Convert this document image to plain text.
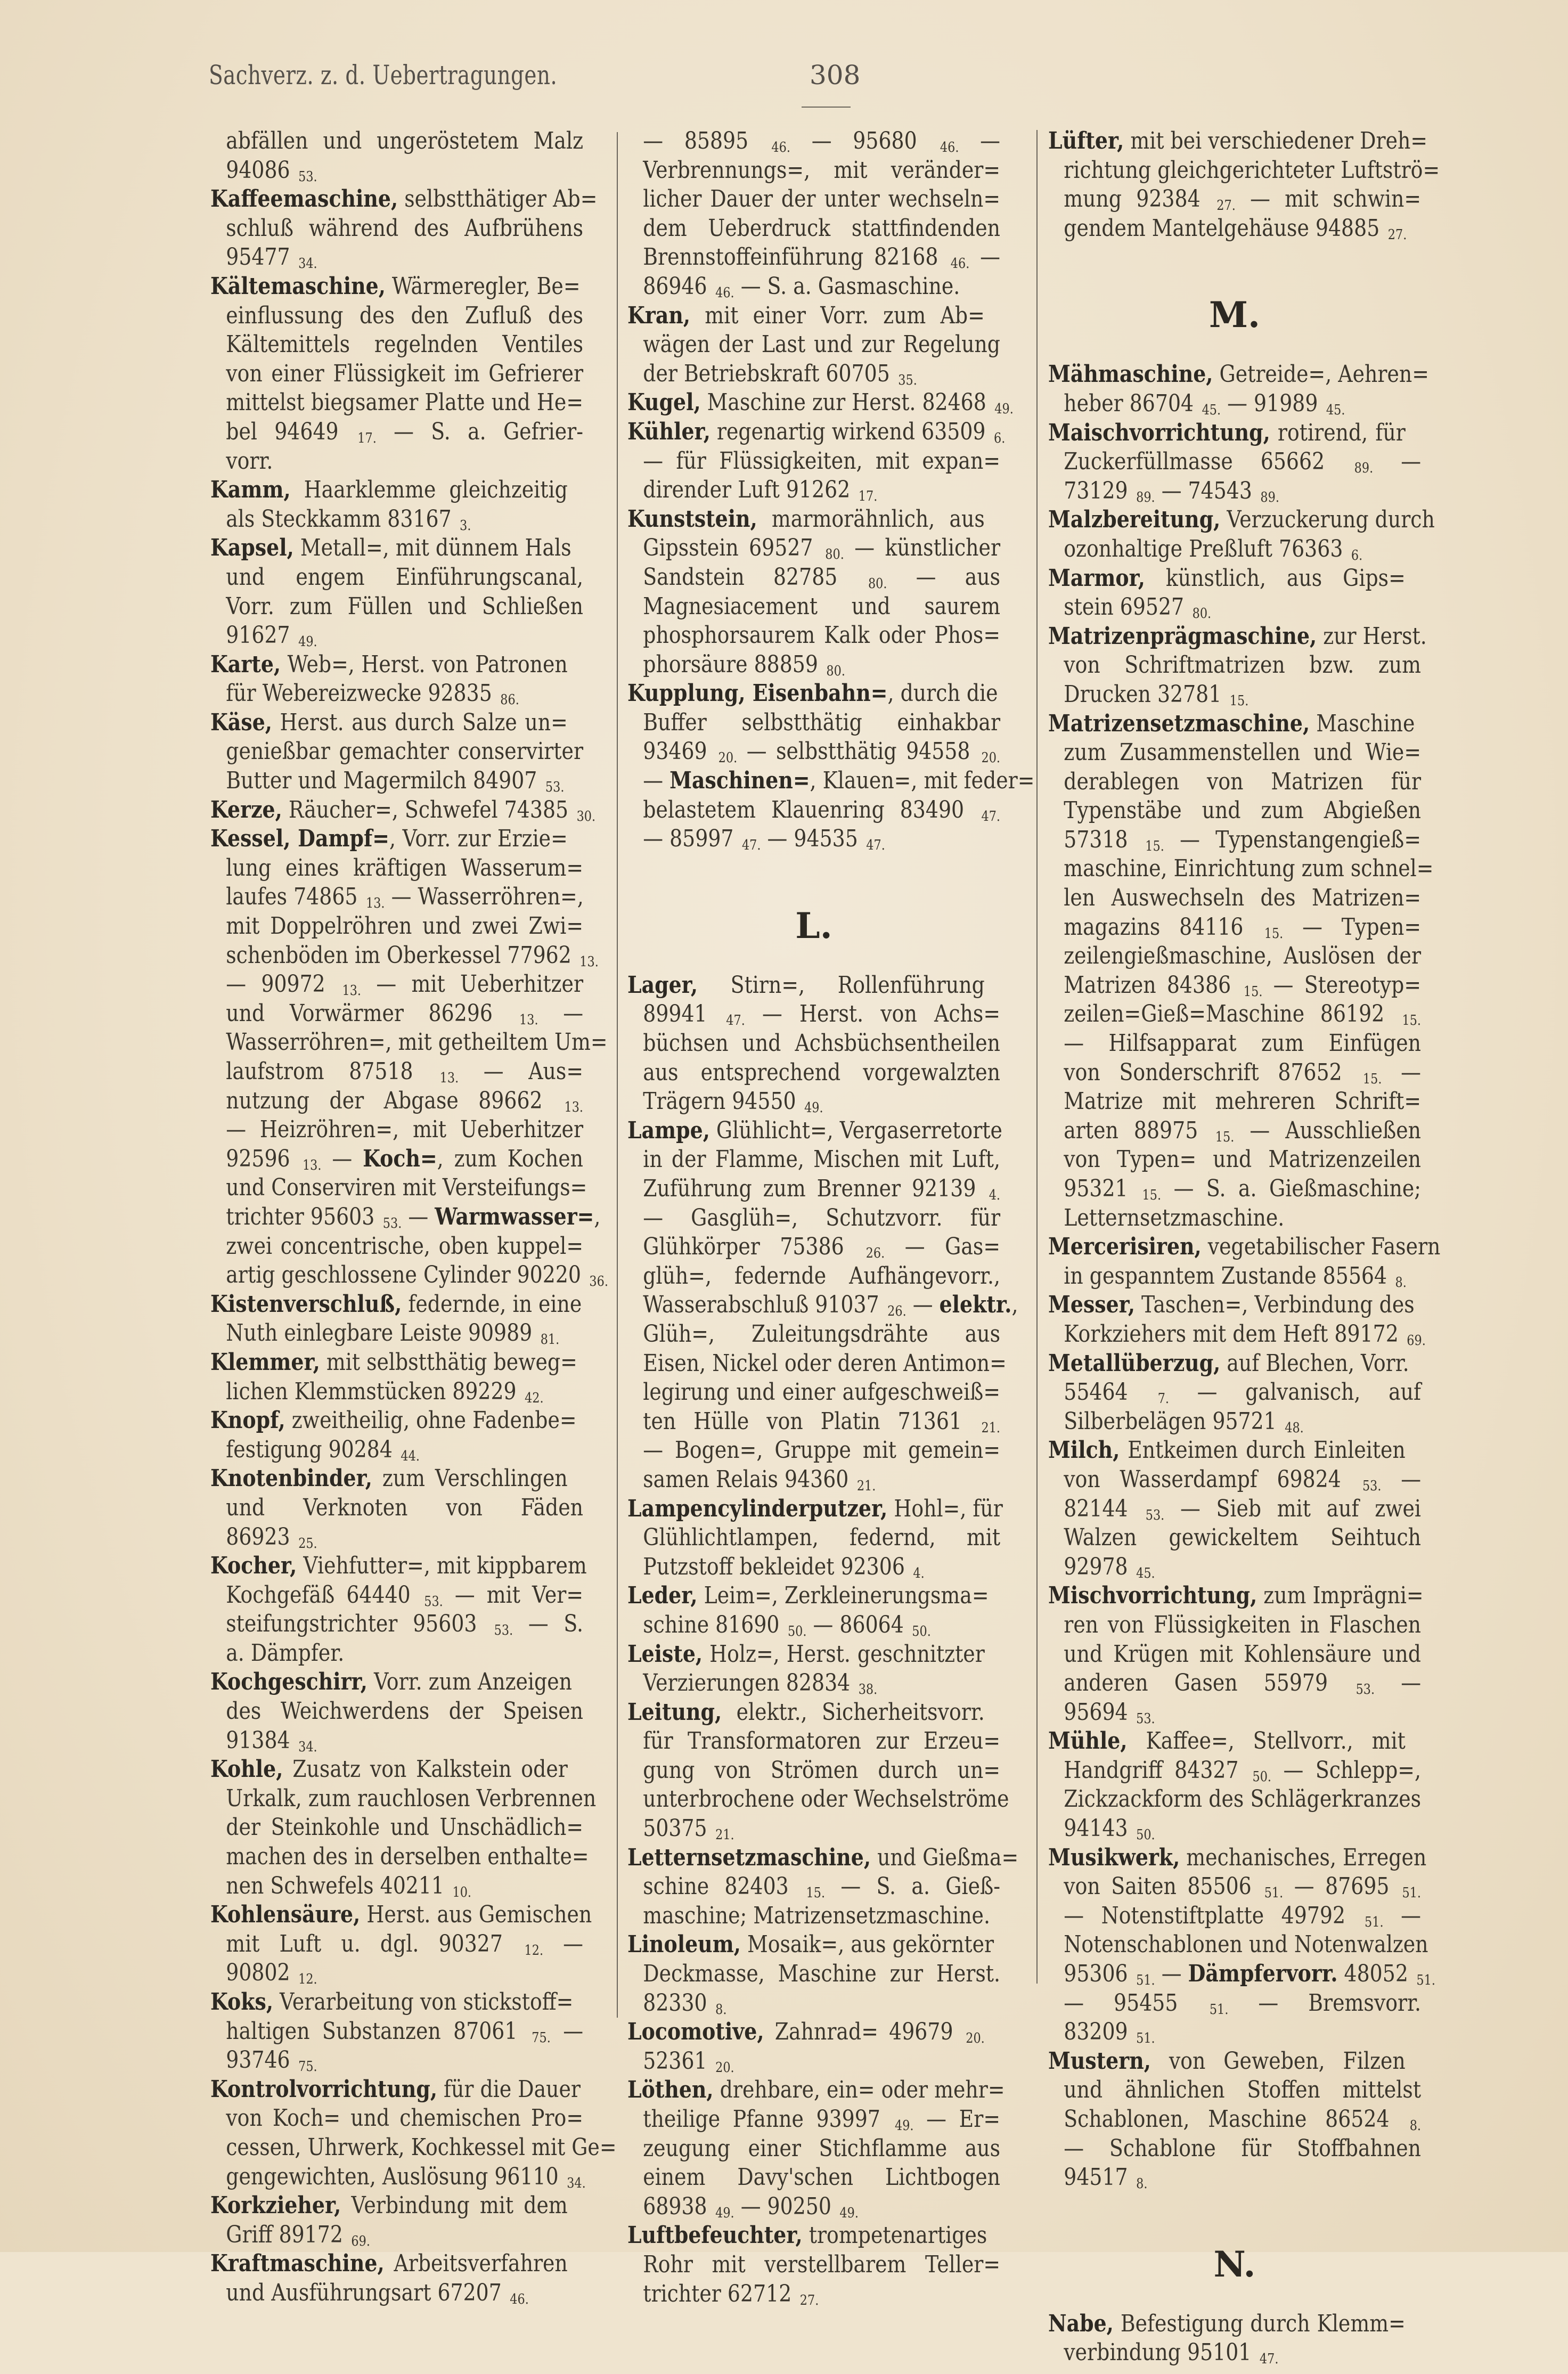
Sachverz. z. d. Uebertragungen.	308
abfällen und ungeröstetem Malz
94086 $_{53.}$
Kaffeemaschine, selbstthätiger Ab=
schluß während des Aufbrühens
95477 $_{34.}$
Kältemaschine, Wärmeregler, Be=
einflussung des den Zufluß des
Kältemittels regelnden Ventiles
von einer Flüssigkeit im Gefrierer
mittelst biegsamer Platte und He=
bel 94649 $_{17.}$ — S. a. Gefrier-
vorr.
Kamm, Haarklemme gleichzeitig
als Steckkamm 83167 $_{3.}$
Kapsel, Metall=, mit dünnem Hals
und engem Einführungscanal,
Vorr. zum Füllen und Schließen
91627 $_{49.}$
Karte, Web=, Herst. von Patronen
für Webereizwecke 92835 $_{86.}$
Käse, Herst. aus durch Salze un=
genießbar gemachter conservirter
Butter und Magermilch 84907 $_{53.}$
Kerze, Räucher=, Schwefel 74385 $_{30.}$
Kessel, Dampf=, Vorr. zur Erzie=
lung eines kräftigen Wasserum=
laufes 74865 $_{13.}$ — Wasserröhren=,
mit Doppelröhren und zwei Zwi=
schenböden im Oberkessel 77962 $_{13.}$
— 90972 $_{13.}$ — mit Ueberhitzer
und Vorwärmer 86296 $_{13.}$ —
Wasserröhren=, mit getheiltem Um=
laufstrom 87518 $_{13.}$ — Aus=
nutzung der Abgase 89662 $_{13.}$
— Heizröhren=, mit Ueberhitzer
92596 $_{13.}$ — Koch=, zum Kochen
und Conserviren mit Versteifungs=
trichter 95603 $_{53.}$ — Warmwasser=,
zwei concentrische, oben kuppel=
artig geschlossene Cylinder 90220 $_{36.}$
Kistenverschluß, federnde, in eine
Nuth einlegbare Leiste 90989 $_{81.}$
Klemmer, mit selbstthätig beweg=
lichen Klemmstücken 89229 $_{42.}$
Knopf, zweitheilig, ohne Fadenbe=
festigung 90284 $_{44.}$
Knotenbinder, zum Verschlingen
und Verknoten von Fäden
86923 $_{25.}$
Kocher, Viehfutter=, mit kippbarem
Kochgefäß 64440 $_{53.}$ — mit Ver=
steifungstrichter 95603 $_{53.}$ — S.
a. Dämpfer.
Kochgeschirr, Vorr. zum Anzeigen
des Weichwerdens der Speisen
91384 $_{34.}$
Kohle, Zusatz von Kalkstein oder
Urkalk, zum rauchlosen Verbrennen
der Steinkohle und Unschädlich=
machen des in derselben enthalte=
nen Schwefels 40211 $_{10.}$
Kohlensäure, Herst. aus Gemischen
mit Luft u. dgl. 90327 $_{12.}$ —
90802 $_{12.}$
Koks, Verarbeitung von stickstoff=
haltigen Substanzen 87061 $_{75.}$ —
93746 $_{75.}$
Kontrolvorrichtung, für die Dauer
von Koch= und chemischen Pro=
cessen, Uhrwerk, Kochkessel mit Ge=
gengewichten, Auslösung 96110 $_{34.}$
Korkzieher, Verbindung mit dem
Griff 89172 $_{69.}$
Kraftmaschine, Arbeitsverfahren
und Ausführungsart 67207 $_{46.}$
— 85895 $_{46.}$ — 95680 $_{46.}$ —
Verbrennungs=, mit veränder=
licher Dauer der unter wechseln=
dem Ueberdruck stattfindenden
Brennstoffeinführung 82168 $_{46.}$ —
86946 $_{46.}$ — S. a. Gasmaschine.
Kran, mit einer Vorr. zum Ab=
wägen der Last und zur Regelung
der Betriebskraft 60705 $_{35.}$
Kugel, Maschine zur Herst. 82468 $_{49.}$
Kühler, regenartig wirkend 63509 $_{6.}$
— für Flüssigkeiten, mit expan=
dirender Luft 91262 $_{17.}$
Kunststein, marmorähnlich, aus
Gipsstein 69527 $_{80.}$ — künstlicher
Sandstein 82785 $_{80.}$ — aus
Magnesiacement und saurem
phosphorsaurem Kalk oder Phos=
phorsäure 88859 $_{80.}$
Kupplung, Eisenbahn=, durch die
Buffer selbstthätig einhakbar
93469 $_{20.}$ — selbstthätig 94558 $_{20.}$
— Maschinen=, Klauen=, mit feder=
belastetem Klauenring 83490 $_{47.}$
— 85997 $_{47.}$ — 94535 $_{47.}$
L.
Lager, Stirn=, Rollenführung
89941 $_{47.}$ — Herst. von Achs=
büchsen und Achsbüchsentheilen
aus entsprechend vorgewalzten
Trägern 94550 $_{49.}$
Lampe, Glühlicht=, Vergaserretorte
in der Flamme, Mischen mit Luft,
Zuführung zum Brenner 92139 $_{4.}$
— Gasglüh=, Schutzvorr. für
Glühkörper 75386 $_{26.}$ — Gas=
glüh=, federnde Aufhängevorr.,
Wasserabschluß 91037 $_{26.}$ — elektr.,
Glüh=, Zuleitungsdrähte aus
Eisen, Nickel oder deren Antimon=
legirung und einer aufgeschweiß=
ten Hülle von Platin 71361 $_{21.}$
— Bogen=, Gruppe mit gemein=
samen Relais 94360 $_{21.}$
Lampencylinderputzer, Hohl=, für
Glühlichtlampen, federnd, mit
Putzstoff bekleidet 92306 $_{4.}$
Leder, Leim=, Zerkleinerungsma=
schine 81690 $_{50.}$ — 86064 $_{50.}$
Leiste, Holz=, Herst. geschnitzter
Verzierungen 82834 $_{38.}$
Leitung, elektr., Sicherheitsvorr.
für Transformatoren zur Erzeu=
gung von Strömen durch un=
unterbrochene oder Wechselströme
50375 $_{21.}$
Letternsetzmaschine, und Gießma=
schine 82403 $_{15.}$ — S. a. Gieß-
maschine; Matrizensetzmaschine.
Linoleum, Mosaik=, aus gekörnter
Deckmasse, Maschine zur Herst.
82330 $_{8.}$
Locomotive, Zahnrad= 49679 $_{20.}$
52361 $_{20.}$
Löthen, drehbare, ein= oder mehr=
theilige Pfanne 93997 $_{49.}$ — Er=
zeugung einer Stichflamme aus
einem Davy'schen Lichtbogen
68938 $_{49.}$ — 90250 $_{49.}$
Luftbefeuchter, trompetenartiges
Rohr mit verstellbarem Teller=
trichter 62712 $_{27.}$
Lüfter, mit bei verschiedener Dreh=
richtung gleichgerichteter Luftströ=
mung 92384 $_{27.}$ — mit schwin=
gendem Mantelgehäuse 94885 $_{27.}$
M.
Mähmaschine, Getreide=, Aehren=
heber 86704 $_{45.}$ — 91989 $_{45.}$
Maischvorrichtung, rotirend, für
Zuckerfüllmasse 65662 $_{89.}$ —
73129 $_{89.}$ — 74543 $_{89.}$
Malzbereitung, Verzuckerung durch
ozonhaltige Preßluft 76363 $_{6.}$
Marmor, künstlich, aus Gips=
stein 69527 $_{80.}$
Matrizenprägmaschine, zur Herst.
von Schriftmatrizen bzw. zum
Drucken 32781 $_{15.}$
Matrizensetzmaschine, Maschine
zum Zusammenstellen und Wie=
derablegen von Matrizen für
Typenstäbe und zum Abgießen
57318 $_{15.}$ — Typenstangengieß=
maschine, Einrichtung zum schnel=
len Auswechseln des Matrizen=
magazins 84116 $_{15.}$ — Typen=
zeilengießmaschine, Auslösen der
Matrizen 84386 $_{15.}$ — Stereotyp=
zeilen=Gieß=Maschine 86192 $_{15.}$
— Hilfsapparat zum Einfügen
von Sonderschrift 87652 $_{15.}$ —
Matrize mit mehreren Schrift=
arten 88975 $_{15.}$ — Ausschließen
von Typen= und Matrizenzeilen
95321 $_{15.}$ — S. a. Gießmaschine;
Letternsetzmaschine.
Mercerisiren, vegetabilischer Fasern
in gespanntem Zustande 85564 $_{8.}$
Messer, Taschen=, Verbindung des
Korkziehers mit dem Heft 89172 $_{69.}$
Metallüberzug, auf Blechen, Vorr.
55464 $_{7.}$ — galvanisch, auf
Silberbelägen 95721 $_{48.}$
Milch, Entkeimen durch Einleiten
von Wasserdampf 69824 $_{53.}$ —
82144 $_{53.}$ — Sieb mit auf zwei
Walzen gewickeltem Seihtuch
92978 $_{45.}$
Mischvorrichtung, zum Imprägni=
ren von Flüssigkeiten in Flaschen
und Krügen mit Kohlensäure und
anderen Gasen 55979 $_{53.}$ —
95694 $_{53.}$
Mühle, Kaffee=, Stellvorr., mit
Handgriff 84327 $_{50.}$ — Schlepp=,
Zickzackform des Schlägerkranzes
94143 $_{50.}$
Musikwerk, mechanisches, Erregen
von Saiten 85506 $_{51.}$ — 87695 $_{51.}$
— Notenstiftplatte 49792 $_{51.}$ —
Notenschablonen und Notenwalzen
95306 $_{51.}$ — Dämpfervorr. 48052 $_{51.}$
— 95455 $_{51.}$ — Bremsvorr.
83209 $_{51.}$
Mustern, von Geweben, Filzen
und ähnlichen Stoffen mittelst
Schablonen, Maschine 86524 $_{8.}$
— Schablone für Stoffbahnen
94517 $_{8.}$
N.
Nabe, Befestigung durch Klemm=
verbindung 95101 $_{47.}$
